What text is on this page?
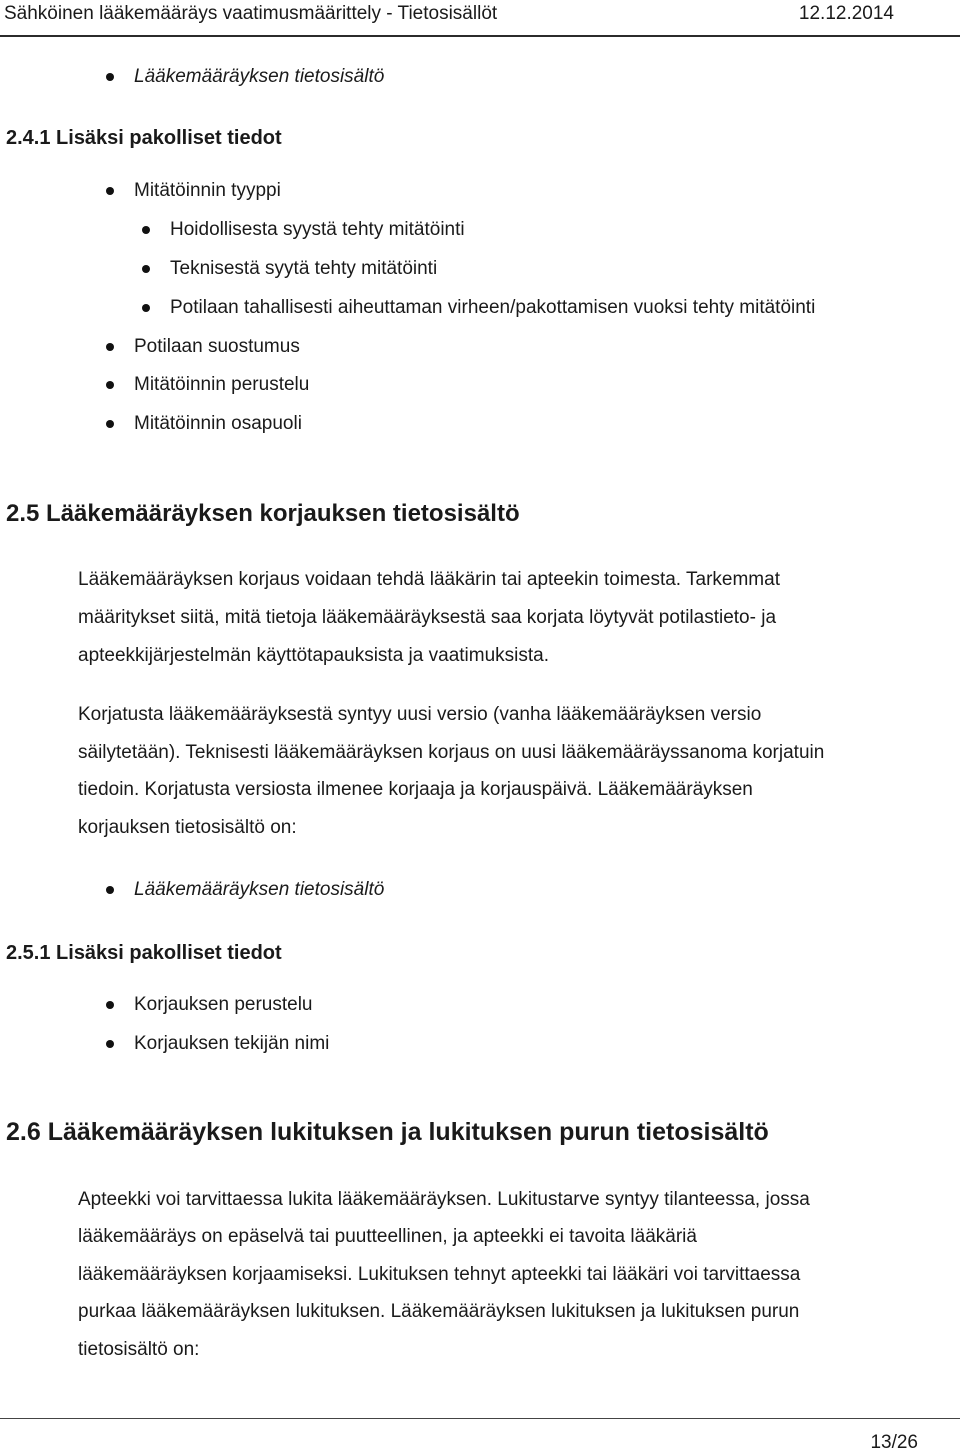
Sähköinen lääkemääräys vaatimusmäärittely - Tietosisällöt	12.12.2014
Lääkemääräyksen tietosisältö
2.4.1 Lisäksi pakolliset tiedot
Mitätöinnin tyyppi
Hoidollisesta syystä tehty mitätöinti
Teknisestä syytä tehty mitätöinti
Potilaan tahallisesti aiheuttaman virheen/pakottamisen vuoksi tehty mitätöinti
Potilaan suostumus
Mitätöinnin perustelu
Mitätöinnin osapuoli
2.5 Lääkemääräyksen korjauksen tietosisältö
Lääkemääräyksen korjaus voidaan tehdä lääkärin tai apteekin toimesta. Tarkemmat
määritykset siitä, mitä tietoja lääkemääräyksestä saa korjata löytyvät potilastieto- ja
apteekkijärjestelmän käyttötapauksista ja vaatimuksista.
Korjatusta lääkemääräyksestä syntyy uusi versio (vanha lääkemääräyksen versio
säilytetään). Teknisesti lääkemääräyksen korjaus on uusi lääkemääräyssanoma korjatuin
tiedoin. Korjatusta versiosta ilmenee korjaaja ja korjauspäivä. Lääkemääräyksen
korjauksen tietosisältö on:
Lääkemääräyksen tietosisältö
2.5.1 Lisäksi pakolliset tiedot
Korjauksen perustelu
Korjauksen tekijän nimi
2.6 Lääkemääräyksen lukituksen ja lukituksen purun tietosisältö
Apteekki voi tarvittaessa lukita lääkemääräyksen. Lukitustarve syntyy tilanteessa, jossa
lääkemääräys on epäselvä tai puutteellinen, ja apteekki ei tavoita lääkäriä
lääkemääräyksen korjaamiseksi. Lukituksen tehnyt apteekki tai lääkäri voi tarvittaessa
purkaa lääkemääräyksen lukituksen. Lääkemääräyksen lukituksen ja lukituksen purun
tietosisältö on:
13/26
